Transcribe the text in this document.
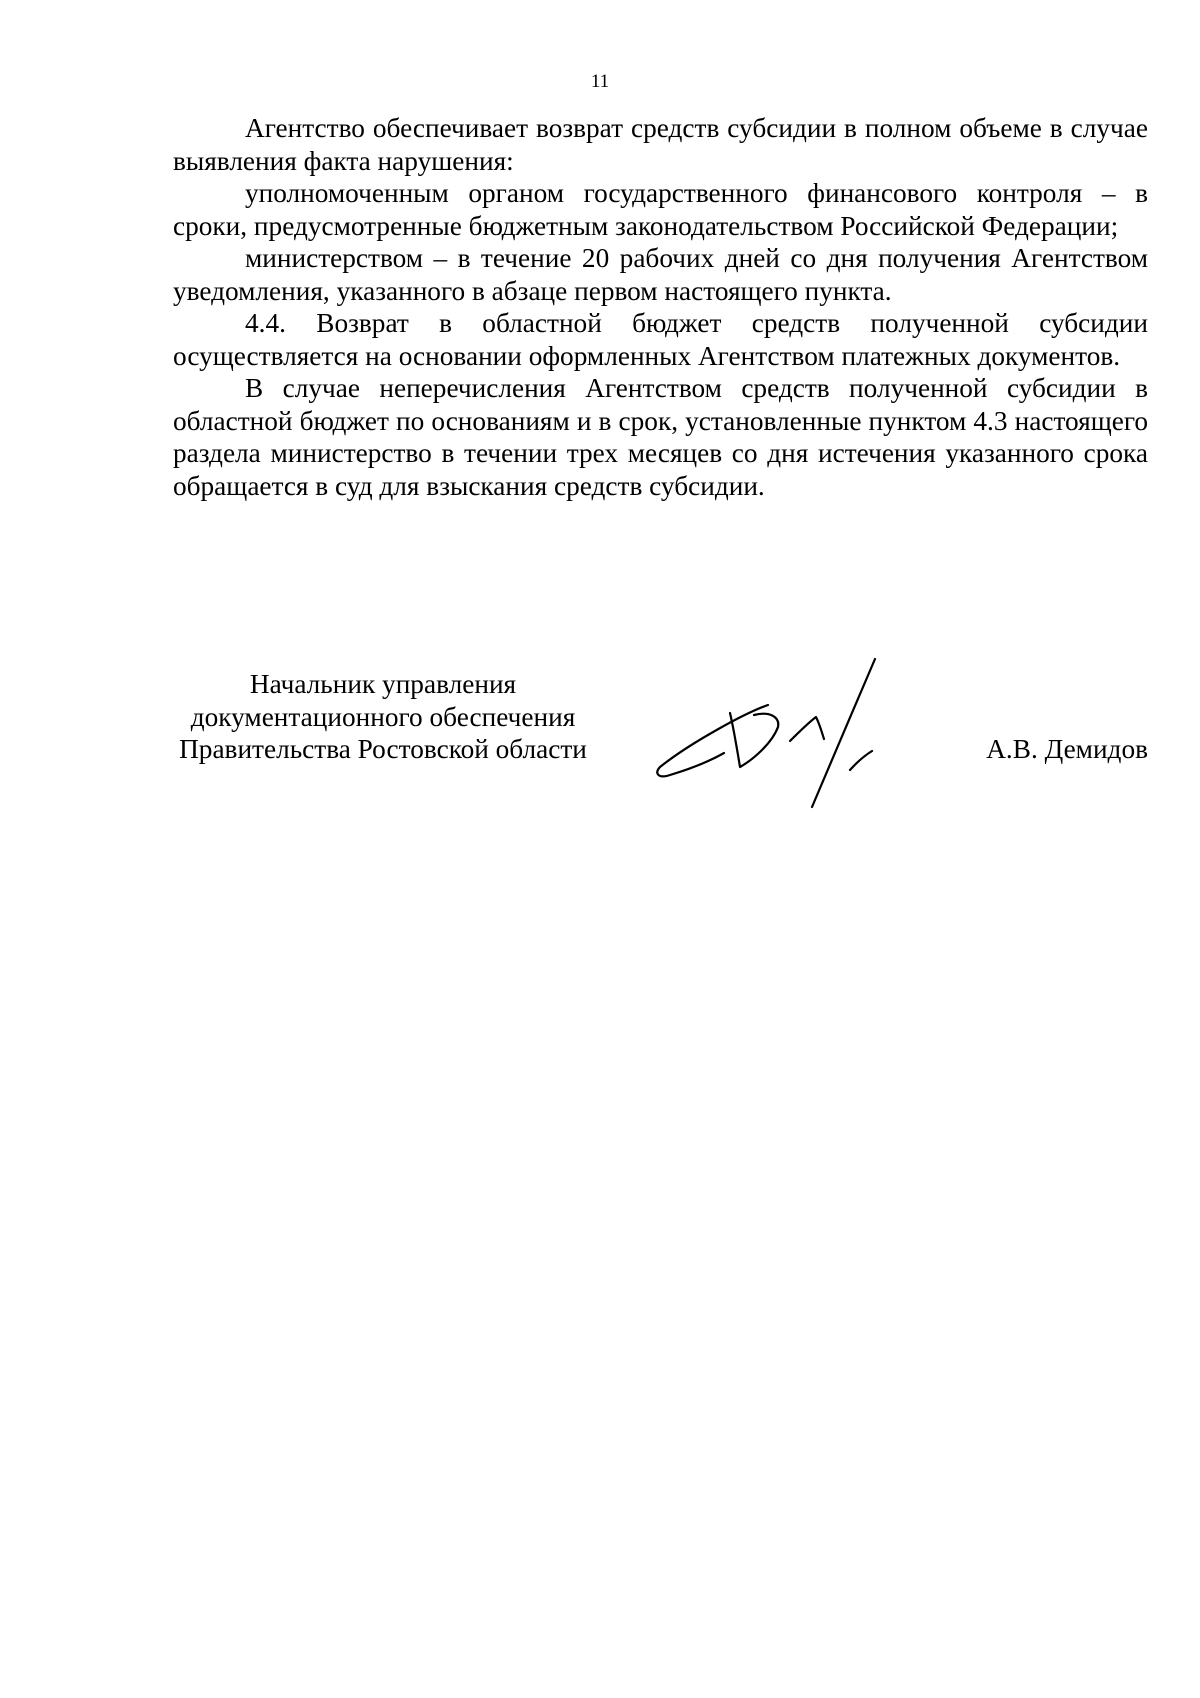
11

Агентство обеспечивает возврат средств субсидии в полном объеме в случае выявления факта нарушения:

уполномоченным органом государственного финансового контроля – в сроки, предусмотренные бюджетным законодательством Российской Федерации;

министерством – в течение 20 рабочих дней со дня получения Агентством уведомления, указанного в абзаце первом настоящего пункта.

4.4. Возврат в областной бюджет средств полученной субсидии осуществляется на основании оформленных Агентством платежных документов.

В случае неперечисления Агентством средств полученной субсидии в областной бюджет по основаниям и в срок, установленные пунктом 4.3 настоящего раздела министерство в течении трех месяцев со дня истечения указанного срока обращается в суд для взыскания средств субсидии.

Начальник управления
документационного обеспечения
Правительства Ростовской области	А.В. Демидов
